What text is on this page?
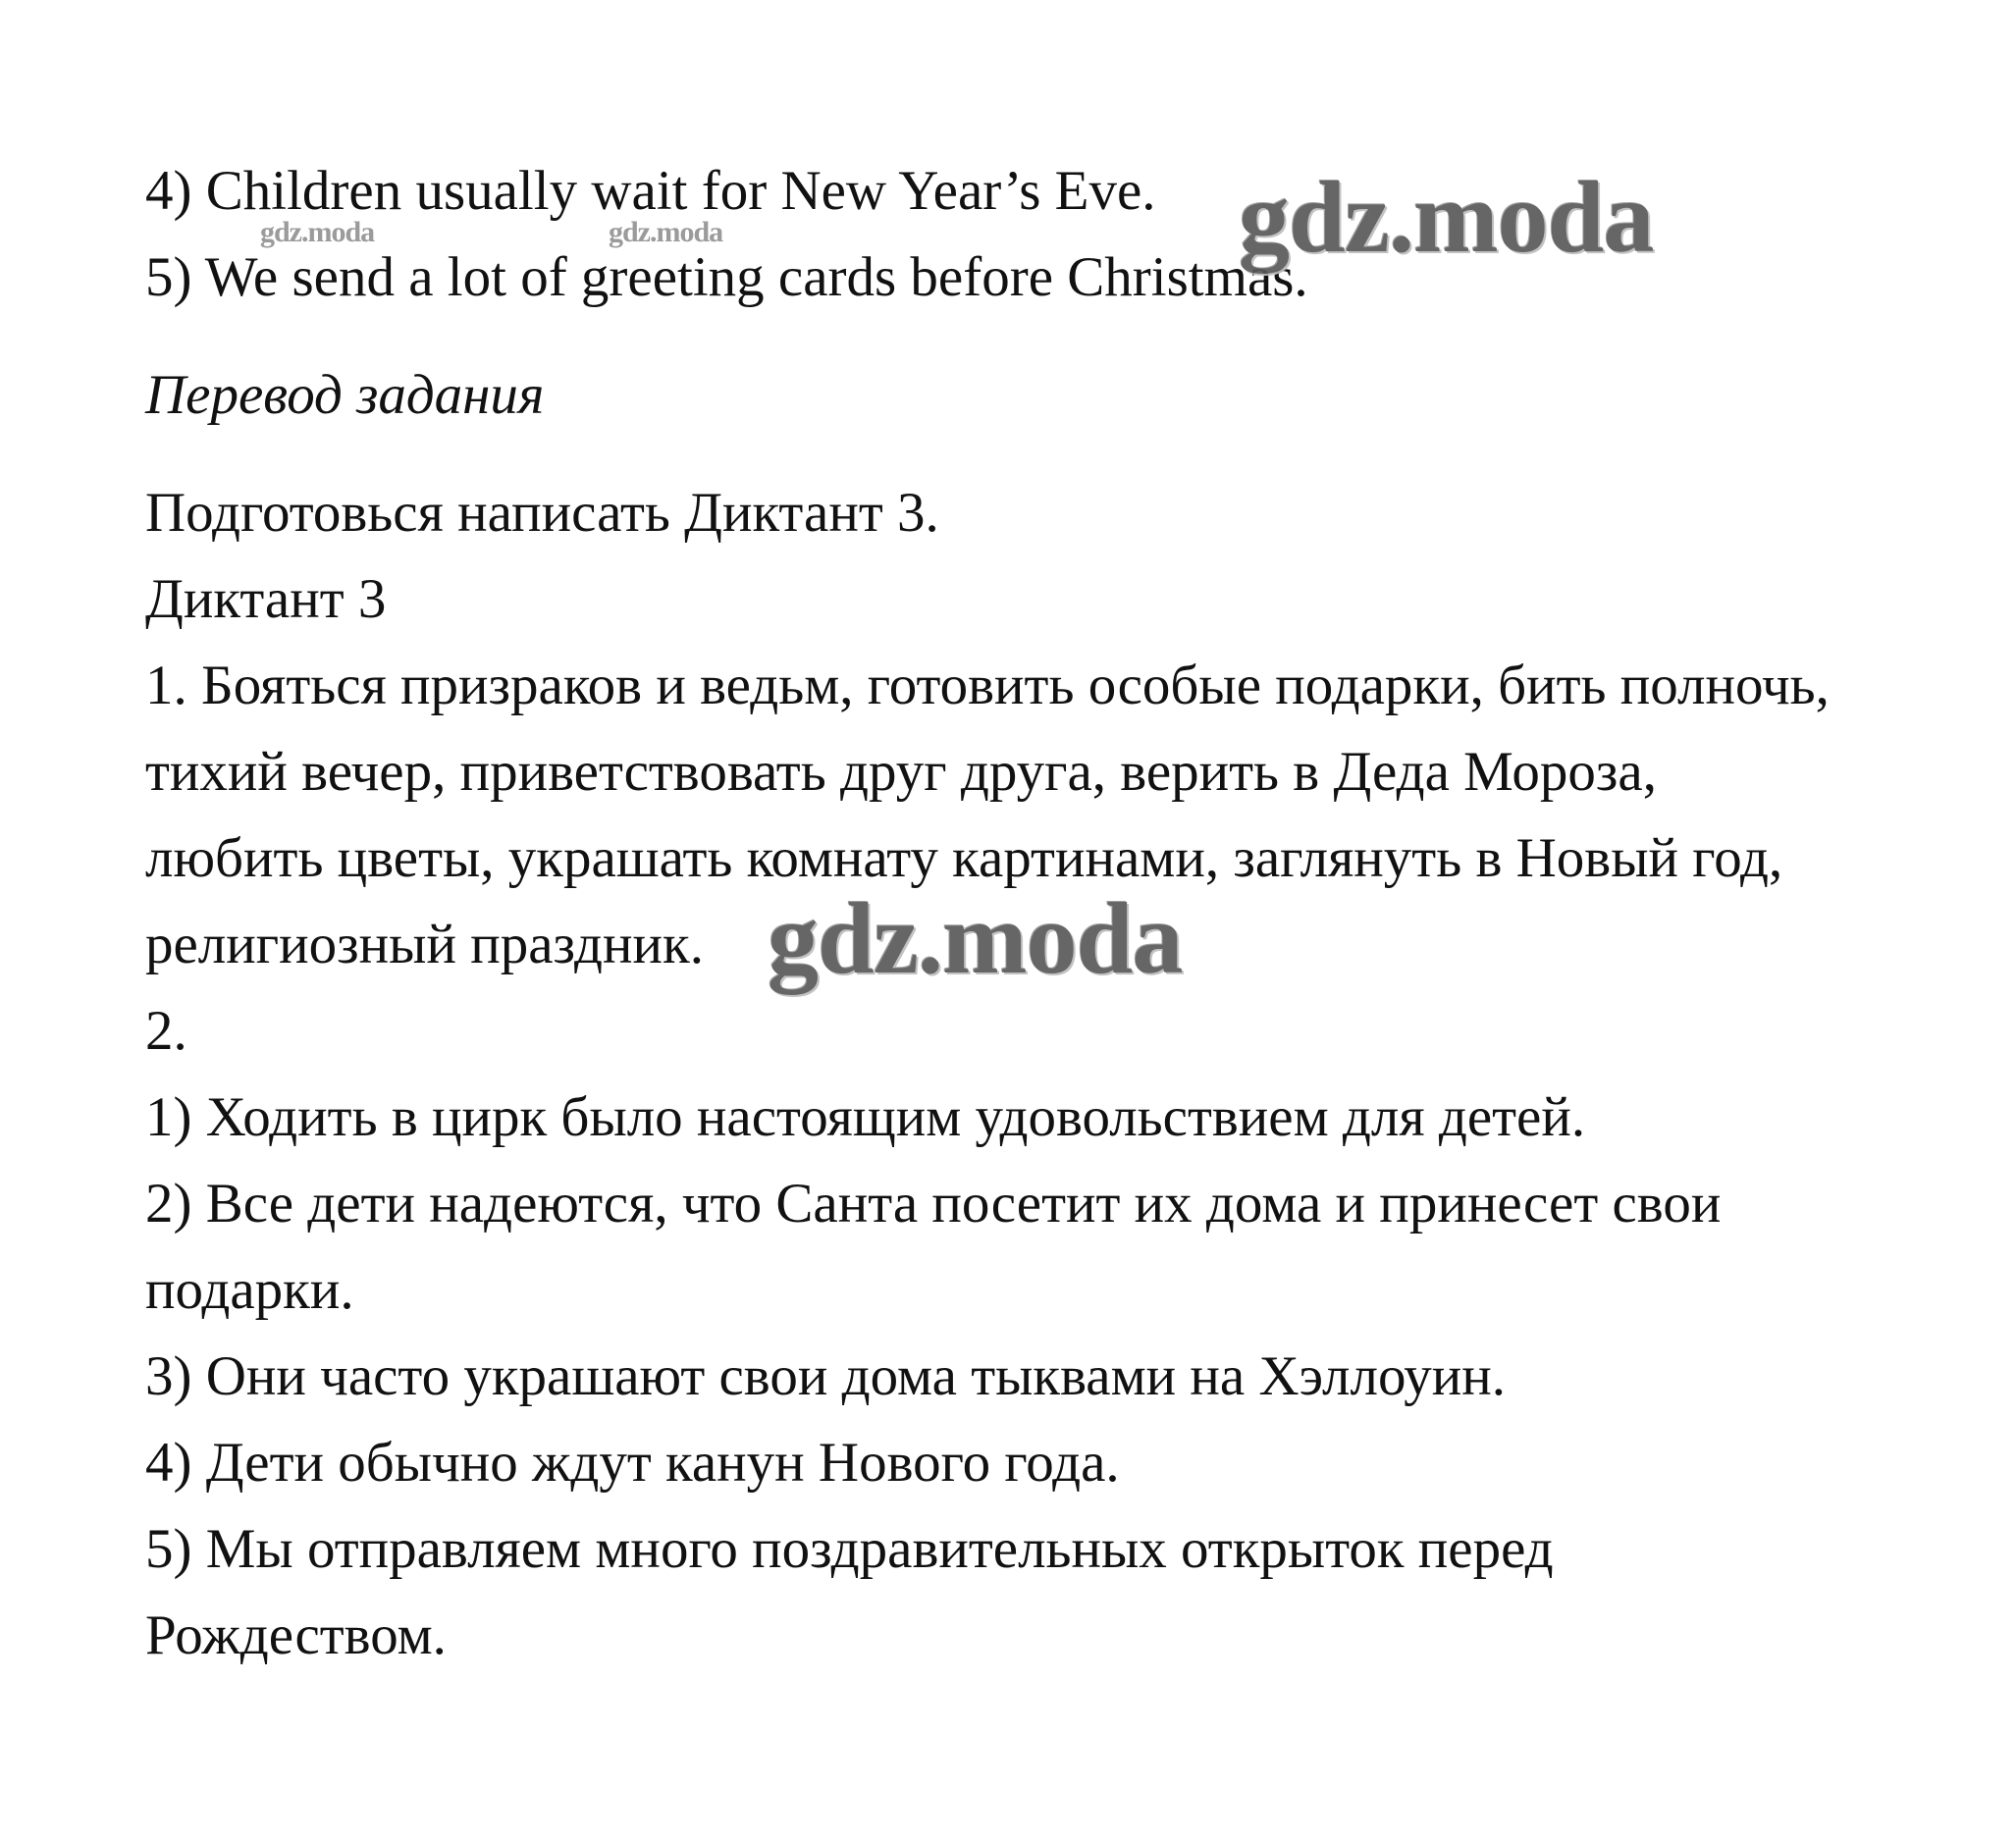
4) Children usually wait for New Year’s Eve.
5) We send a lot of greeting cards before Christmas.
Перевод задания
Подготовься написать Диктант 3.
Диктант 3
1. Бояться призраков и ведьм, готовить особые подарки, бить полночь,
тихий вечер, приветствовать друг друга, верить в Деда Мороза,
любить цветы, украшать комнату картинами, заглянуть в Новый год,
религиозный праздник.
2.
1) Ходить в цирк было настоящим удовольствием для детей.
2) Все дети надеются, что Санта посетит их дома и принесет свои
подарки.
3) Они часто украшают свои дома тыквами на Хэллоуин.
4) Дети обычно ждут канун Нового года.
5) Мы отправляем много поздравительных открыток перед
Рождеством.
gdz.moda	gdz.moda	gdz.moda
gdz.moda
